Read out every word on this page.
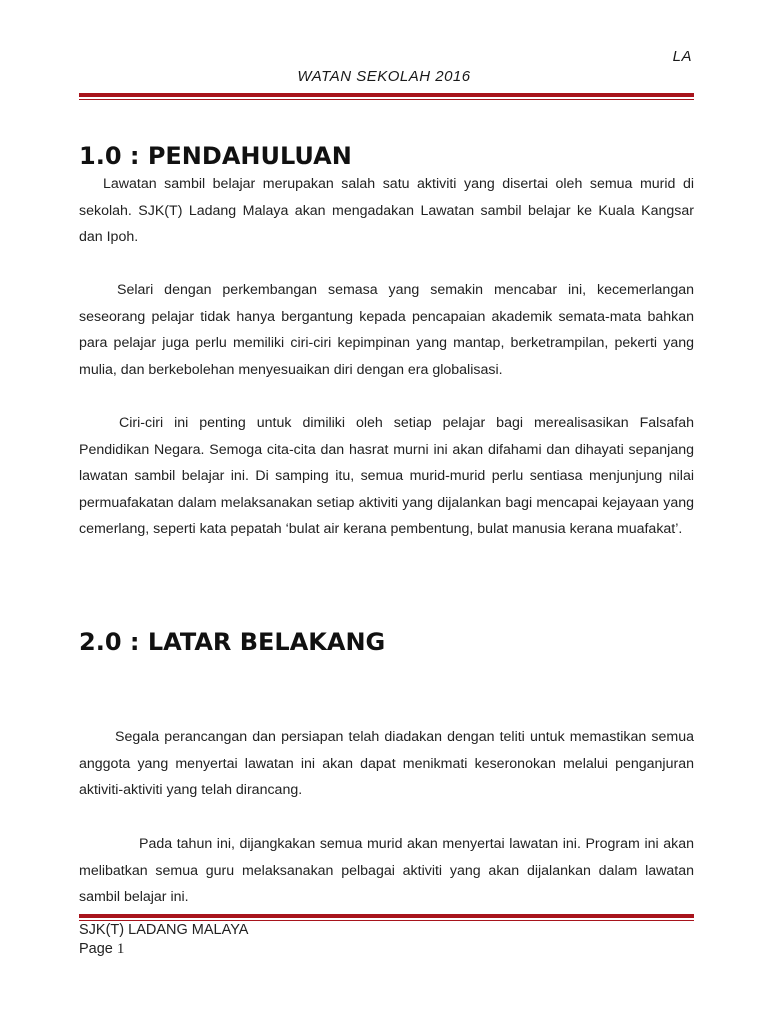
LA
WATAN SEKOLAH 2016
1.0 : PENDAHULUAN

Lawatan sambil belajar merupakan salah satu aktiviti yang disertai oleh semua murid di sekolah. SJK(T) Ladang Malaya akan mengadakan Lawatan sambil belajar ke Kuala Kangsar dan Ipoh.

Selari dengan perkembangan semasa yang semakin mencabar ini, kecemerlangan seseorang pelajar tidak hanya bergantung kepada pencapaian akademik semata-mata bahkan para pelajar juga perlu memiliki ciri-ciri kepimpinan yang mantap, berketrampilan, pekerti yang mulia, dan berkebolehan menyesuaikan diri dengan era globalisasi.

Ciri-ciri ini penting untuk dimiliki oleh setiap pelajar bagi merealisasikan Falsafah Pendidikan Negara. Semoga cita-cita dan hasrat murni ini akan difahami dan dihayati sepanjang lawatan sambil belajar ini. Di samping itu, semua murid-murid perlu sentiasa menjunjung nilai permuafakatan dalam melaksanakan setiap aktiviti yang dijalankan bagi mencapai kejayaan yang cemerlang, seperti kata pepatah ‘bulat air kerana pembentung, bulat manusia kerana muafakat’.

2.0 : LATAR BELAKANG

Segala perancangan dan persiapan telah diadakan dengan teliti untuk memastikan semua anggota yang menyertai lawatan ini akan dapat menikmati keseronokan melalui penganjuran aktiviti-aktiviti yang telah dirancang.

Pada tahun ini, dijangkakan semua murid akan menyertai lawatan ini. Program ini akan melibatkan semua guru melaksanakan pelbagai aktiviti yang akan dijalankan dalam lawatan sambil belajar ini.

SJK(T) LADANG MALAYA
Page 1
